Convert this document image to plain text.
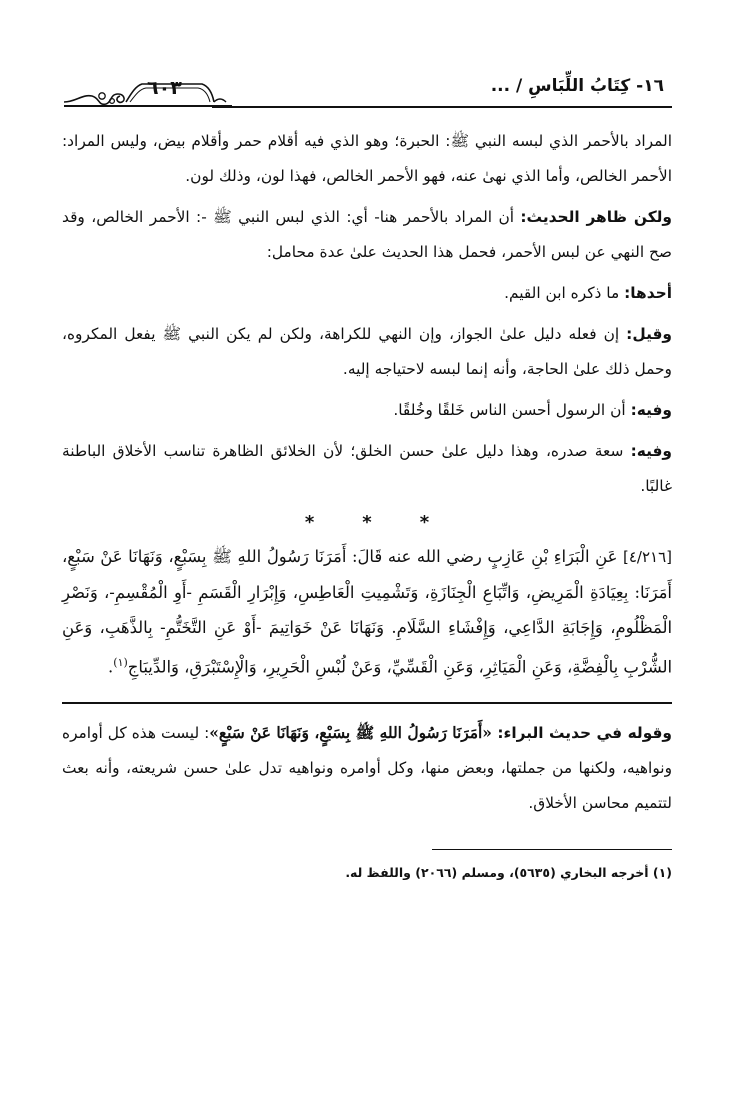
١٦- كِتَابُ اللِّبَاسِ / ...
٦٠٣

المراد بالأحمر الذي لبسه النبي ﷺ: الحبرة؛ وهو الذي فيه أقلام حمر وأقلام بيض، وليس المراد: الأحمر الخالص، وأما الذي نهىٰ عنه، فهو الأحمر الخالص، فهذا لون، وذلك لون.

ولكن ظاهر الحديث: أن المراد بالأحمر هنا- أي: الذي لبس النبي ﷺ -: الأحمر الخالص، وقد صح النهي عن لبس الأحمر، فحمل هذا الحديث علىٰ عدة محامل:

أحدها: ما ذكره ابن القيم.

وقيل: إن فعله دليل علىٰ الجواز، وإن النهي للكراهة، ولكن لم يكن النبي ﷺ يفعل المكروه، وحمل ذلك علىٰ الحاجة، وأنه إنما لبسه لاحتياجه إليه.

وفيه: أن الرسول أحسن الناس خَلقًا وخُلقًا.

وفيه: سعة صدره، وهذا دليل علىٰ حسن الخلق؛ لأن الخلائق الظاهرة تناسب الأخلاق الباطنة غالبًا.

*
*
*

[٤/٢١٦] عَنِ الْبَرَاءِ بْنِ عَازِبٍ رضي الله عنه قَالَ: أَمَرَنَا رَسُولُ اللهِ ﷺ بِسَبْعٍ، وَنَهَانَا عَنْ سَبْعٍ، أَمَرَنَا: بِعِيَادَةِ الْمَرِيضِ، وَاتِّبَاعِ الْجِنَازَةِ، وَتَشْمِيتِ الْعَاطِسِ، وَإِبْرَارِ الْقَسَمِ -أَوِ الْمُقْسِمِ-، وَنَصْرِ الْمَظْلُومِ، وَإِجَابَةِ الدَّاعِي، وَإِفْشَاءِ السَّلَامِ. وَنَهَانَا عَنْ خَوَاتِيمَ -أَوْ عَنِ التَّخَتُّمِ- بِالذَّهَبِ، وَعَنِ الشُّرْبِ بِالْفِضَّةِ، وَعَنِ الْمَيَاثِرِ، وَعَنِ الْقَسِّيِّ، وَعَنْ لُبْسِ الْحَرِيرِ، وَالْإِسْتَبْرَقِ، وَالدِّيبَاجِ$^{(١)}$.

وقوله في حديث البراء: «أَمَرَنَا رَسُولُ اللهِ ﷺ بِسَبْعٍ، وَنَهَانَا عَنْ سَبْعٍ»: ليست هذه كل أوامره ونواهيه، ولكنها من جملتها، وبعض منها، وكل أوامره ونواهيه تدل علىٰ حسن شريعته، وأنه بعث لتتميم محاسن الأخلاق.

(١) أخرجه البخاري (٥٦٣٥)، ومسلم (٢٠٦٦) واللفظ له.
